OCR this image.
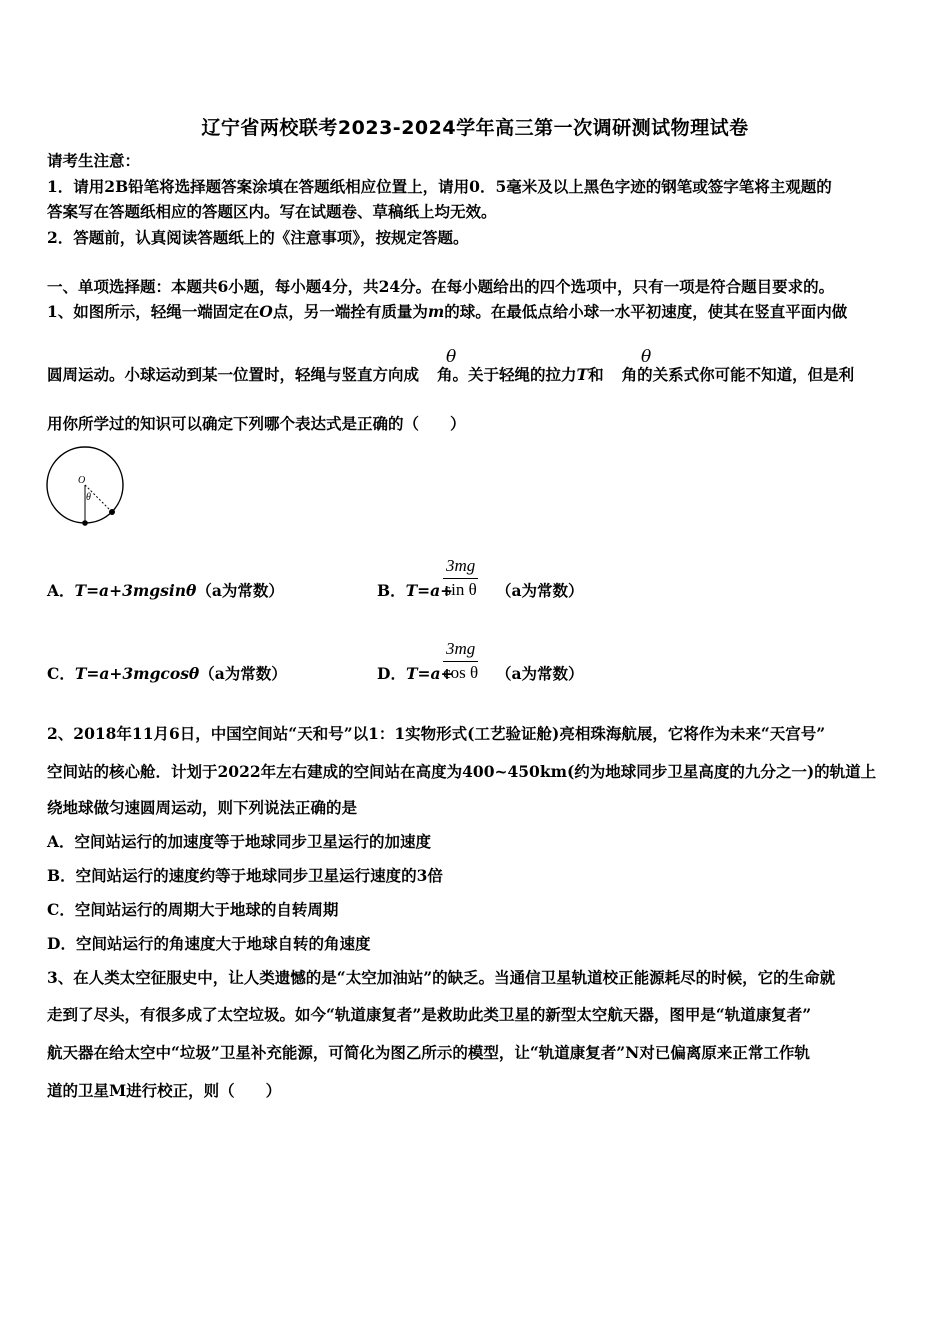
辽宁省两校联考2023-2024学年高三第一次调研测试物理试卷
请考生注意：
1．请用2B铅笔将选择题答案涂填在答题纸相应位置上，请用0．5毫米及以上黑色字迹的钢笔或签字笔将主观题的
答案写在答题纸相应的答题区内。写在试题卷、草稿纸上均无效。
2．答题前，认真阅读答题纸上的《注意事项》，按规定答题。
一、单项选择题：本题共6小题，每小题4分，共24分。在每小题给出的四个选项中，只有一项是符合题目要求的。
1、如图所示，轻绳一端固定在O点，另一端拴有质量为m的球。在最低点给小球一水平初速度，使其在竖直平面内做
圆周运动。小球运动到某一位置时，轻绳与竖直方向成 角。关于轻绳的拉力T和 角的关系式你可能不知道，但是利
θ	θ
用你所学过的知识可以确定下列哪个表达式是正确的（　　）
O
θ
A．T=a+3mgsinθ（a为常数）	B．T=a+
$\frac{3mg}{\text{sin θ}} (a$为常数）
C．T=a+3mgcosθ（a为常数）	D．T=a+
$\frac{3mg}{\text{cos θ}} (a$为常数）
2、2018年11月6日，中国空间站“天和号”以1：1实物形式(工艺验证舱)亮相珠海航展，它将作为未来“天宫号”
空间站的核心舱．计划于2022年左右建成的空间站在高度为400~450km(约为地球同步卫星高度的九分之一)的轨道上
绕地球做匀速圆周运动，则下列说法正确的是
A．空间站运行的加速度等于地球同步卫星运行的加速度
B．空间站运行的速度约等于地球同步卫星运行速度的3倍
C．空间站运行的周期大于地球的自转周期
D．空间站运行的角速度大于地球自转的角速度
3、在人类太空征服史中，让人类遗憾的是“太空加油站”的缺乏。当通信卫星轨道校正能源耗尽的时候，它的生命就
走到了尽头，有很多成了太空垃圾。如今“轨道康复者”是救助此类卫星的新型太空航天器，图甲是“轨道康复者”
航天器在给太空中“垃圾”卫星补充能源，可简化为图乙所示的模型，让“轨道康复者”N对已偏离原来正常工作轨
道的卫星M进行校正，则（　　）
